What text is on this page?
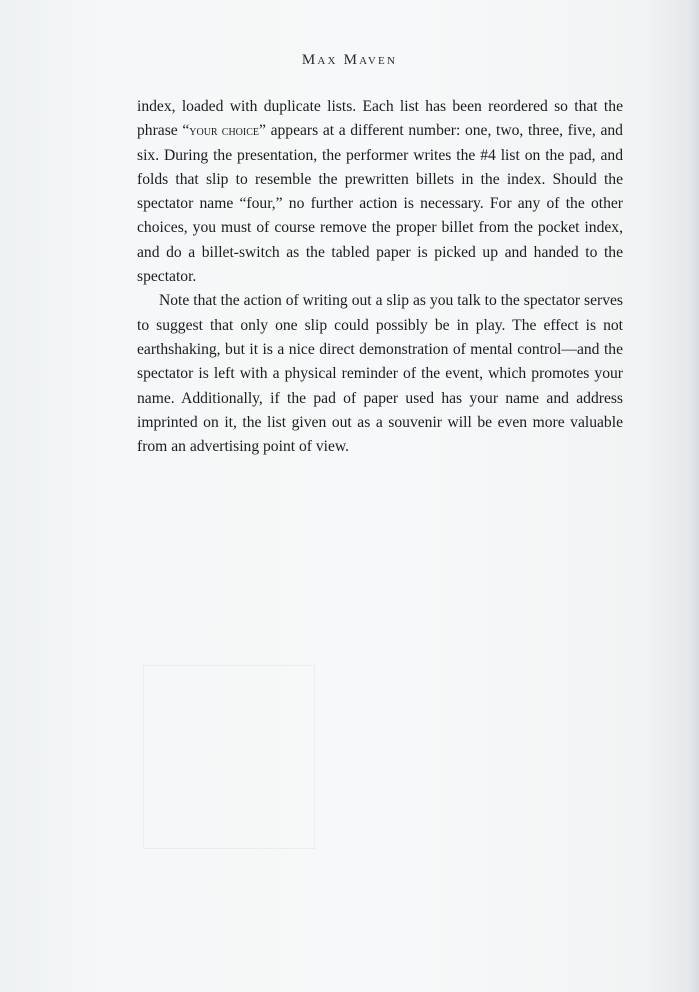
Max Maven

index, loaded with duplicate lists. Each list has been reordered so that the phrase “your choice” appears at a different number: one, two, three, five, and six. During the presentation, the performer writes the #4 list on the pad, and folds that slip to resemble the prewritten billets in the index. Should the spectator name “four,” no further action is necessary. For any of the other choices, you must of course remove the proper billet from the pocket index, and do a billet-switch as the tabled paper is picked up and handed to the spectator.

Note that the action of writing out a slip as you talk to the spectator serves to suggest that only one slip could possibly be in play. The effect is not earthshaking, but it is a nice direct demonstration of mental control—and the spectator is left with a physical reminder of the event, which promotes your name. Additionally, if the pad of paper used has your name and address imprinted on it, the list given out as a souvenir will be even more valuable from an advertising point of view.
